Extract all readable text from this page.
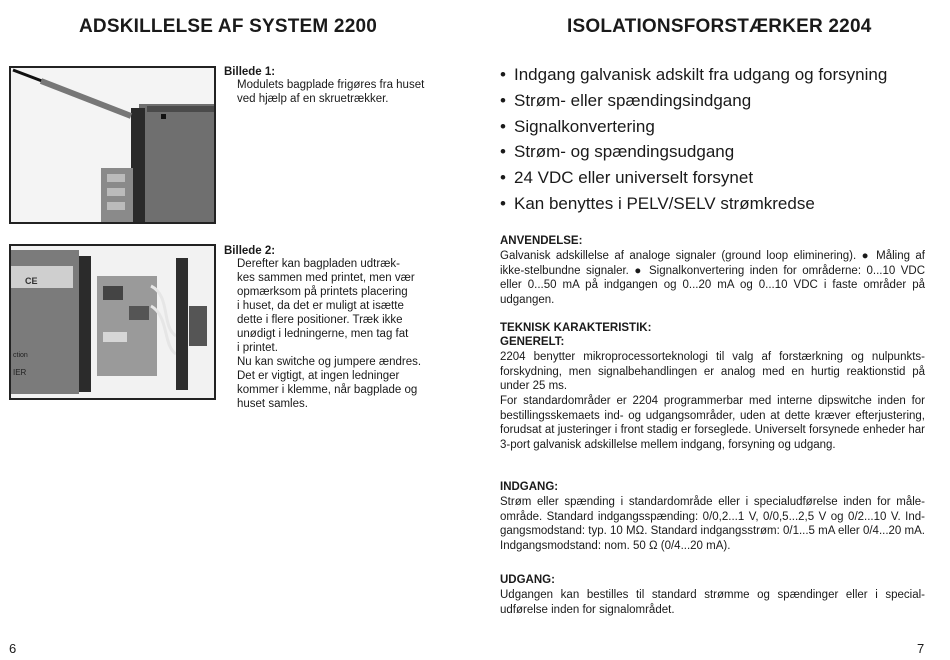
ADSKILLELSE AF SYSTEM 2200
Billede 1:
Modulets bagplade frigøres fra huset
ved hjælp af en skruetrækker.
CE
ction
IER
Billede 2:
Derefter kan bagpladen udtræk-
kes sammen med printet, men vær
opmærksom på printets placering
i huset, da det er muligt at isætte
dette i flere positioner. Træk ikke
unødigt i ledningerne, men tag fat
i printet.
Nu kan switche og jumpere ændres.
Det er vigtigt, at ingen ledninger
kommer i klemme, når bagplade og
huset samles.
6
ISOLATIONSFORSTÆRKER 2204
• Indgang galvanisk adskilt fra udgang og forsyning
• Strøm- eller spændingsindgang
• Signalkonvertering
• Strøm- og spændingsudgang
• 24 VDC eller universelt forsynet
• Kan benyttes i PELV/SELV strømkredse
ANVENDELSE:
Galvanisk adskillelse af analoge signaler (ground loop eliminering). ● Måling af ikke-stelbundne signaler. ● Signalkonvertering inden for områderne: 0...10 VDC eller 0...50 mA på indgangen og 0...20 mA og 0...10 VDC i faste områder på udgangen.
TEKNISK KARAKTERISTIK:
GENERELT:
2204 benytter mikroprocessorteknologi til valg af forstærkning og nulpunkts-forskydning, men signalbehandlingen er analog med en hurtig reaktionstid på under 25 ms.
For standardområder er 2204 programmerbar med interne dipswitche inden for bestillingsskemaets ind- og udgangsområder, uden at dette kræver efterjustering, forudsat at justeringer i front stadig er forseglede. Universelt forsynede enheder har 3-port galvanisk adskillelse mellem indgang, forsyning og udgang.
INDGANG:
Strøm eller spænding i standardområde eller i specialudførelse inden for måle-område. Standard indgangsspænding: 0/0,2...1 V, 0/0,5...2,5 V og 0/2...10 V. Ind-gangsmodstand: typ. 10 MΩ. Standard indgangsstrøm: 0/1...5 mA eller 0/4...20 mA. Indgangsmodstand: nom. 50 Ω (0/4...20 mA).
UDGANG:
Udgangen kan bestilles til standard strømme og spændinger eller i special-udførelse inden for signalområdet.
7
